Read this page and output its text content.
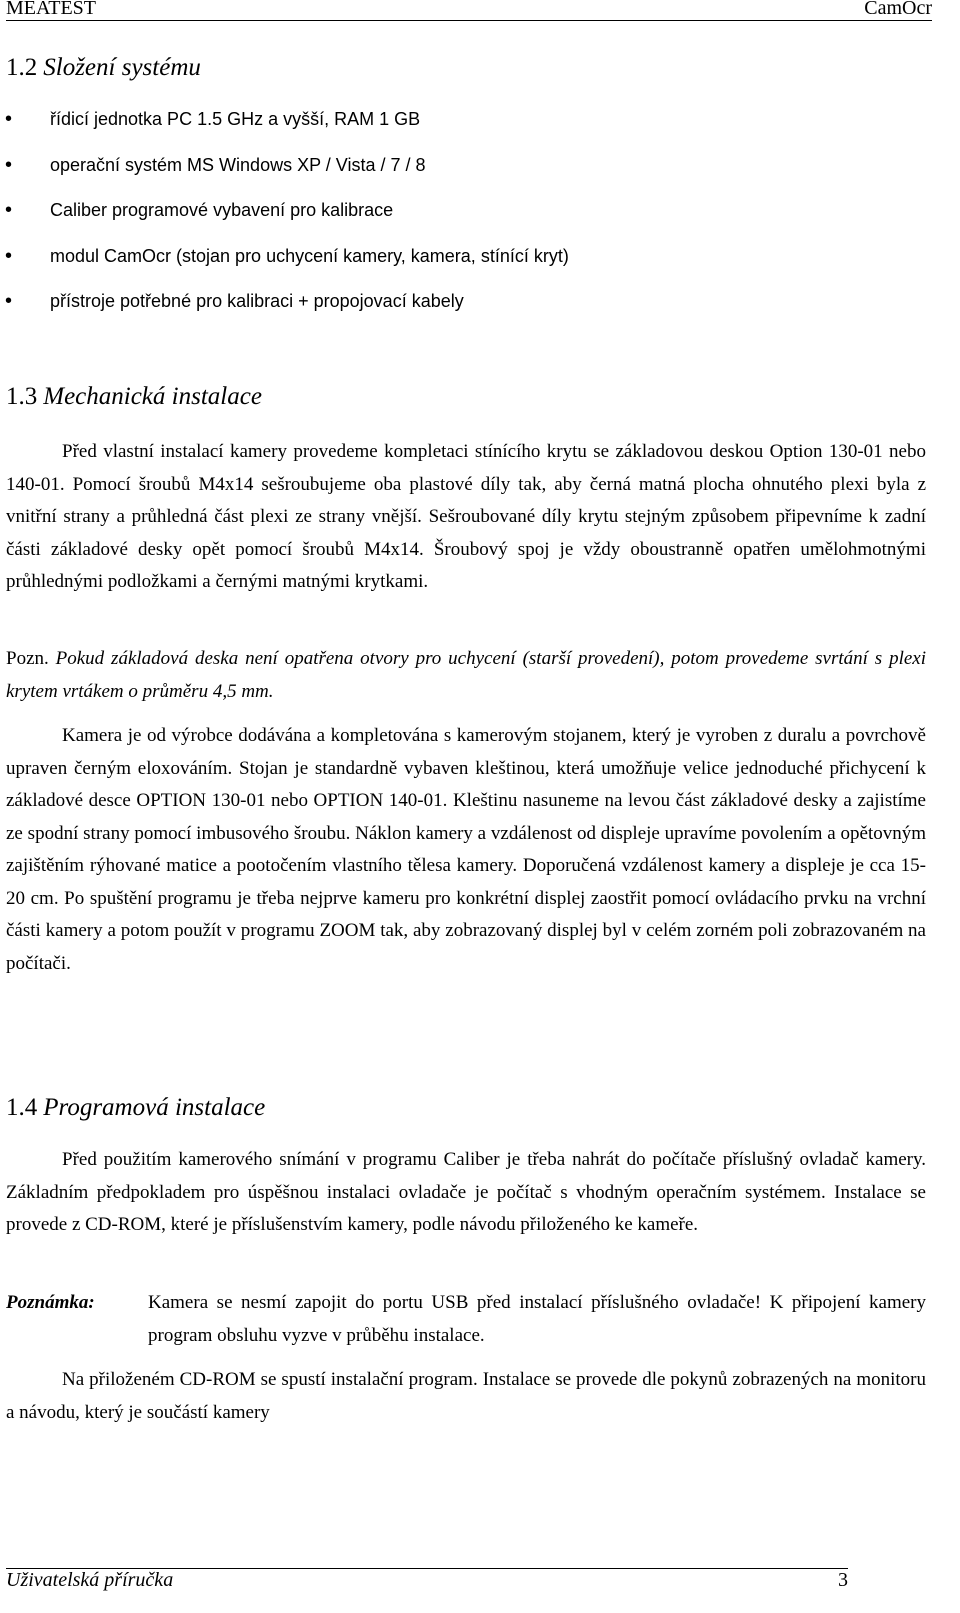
MEATEST	CamOcr
1.2 Složení systému
• řídicí jednotka PC 1.5 GHz a vyšší, RAM 1 GB
• operační systém MS Windows XP / Vista / 7 / 8
• Caliber programové vybavení pro kalibrace
• modul CamOcr (stojan pro uchycení kamery, kamera, stínící kryt)
• přístroje potřebné pro kalibraci + propojovací kabely
1.3 Mechanická instalace

Před vlastní instalací kamery provedeme kompletaci stínícího krytu se základovou deskou Option 130-01 nebo 140-01. Pomocí šroubů M4x14 sešroubujeme oba plastové díly tak, aby černá matná plocha ohnutého plexi byla z vnitřní strany a průhledná část plexi ze strany vnější. Sešroubované díly krytu stejným způsobem připevníme k zadní části základové desky opět pomocí šroubů M4x14. Šroubový spoj je vždy oboustranně opatřen umělohmotnými průhlednými podložkami a černými matnými krytkami.

Pozn. Pokud základová deska není opatřena otvory pro uchycení (starší provedení), potom provedeme svrtání s plexi krytem vrtákem o průměru 4,5 mm.

Kamera je od výrobce dodávána a kompletována s kamerovým stojanem, který je vyroben z duralu a povrchově upraven černým eloxováním. Stojan je standardně vybaven kleštinou, která umožňuje velice jednoduché přichycení k základové desce OPTION 130-01 nebo OPTION 140-01. Kleštinu nasuneme na levou část základové desky a zajistíme ze spodní strany pomocí imbusového šroubu. Náklon kamery a vzdálenost od displeje upravíme povolením a opětovným zajištěním rýhované matice a pootočením vlastního tělesa kamery. Doporučená vzdálenost kamery a displeje je cca 15-20 cm. Po spuštění programu je třeba nejprve kameru pro konkrétní displej zaostřit pomocí ovládacího prvku na vrchní části kamery a potom použít v programu ZOOM tak, aby zobrazovaný displej byl v celém zorném poli zobrazovaném na počítači.

1.4 Programová instalace

Před použitím kamerového snímání v programu Caliber je třeba nahrát do počítače příslušný ovladač kamery. Základním předpokladem pro úspěšnou instalaci ovladače je počítač s vhodným operačním systémem. Instalace se provede z CD-ROM, které je příslušenstvím kamery, podle návodu přiloženého ke kameře.

Poznámka:	Kamera se nesmí zapojit do portu USB před instalací příslušného ovladače! K připojení kamery program obsluhu vyzve v průběhu instalace.

Na přiloženém CD-ROM se spustí instalační program. Instalace se provede dle pokynů zobrazených na monitoru a návodu, který je součástí kamery

Uživatelská příručka	3
